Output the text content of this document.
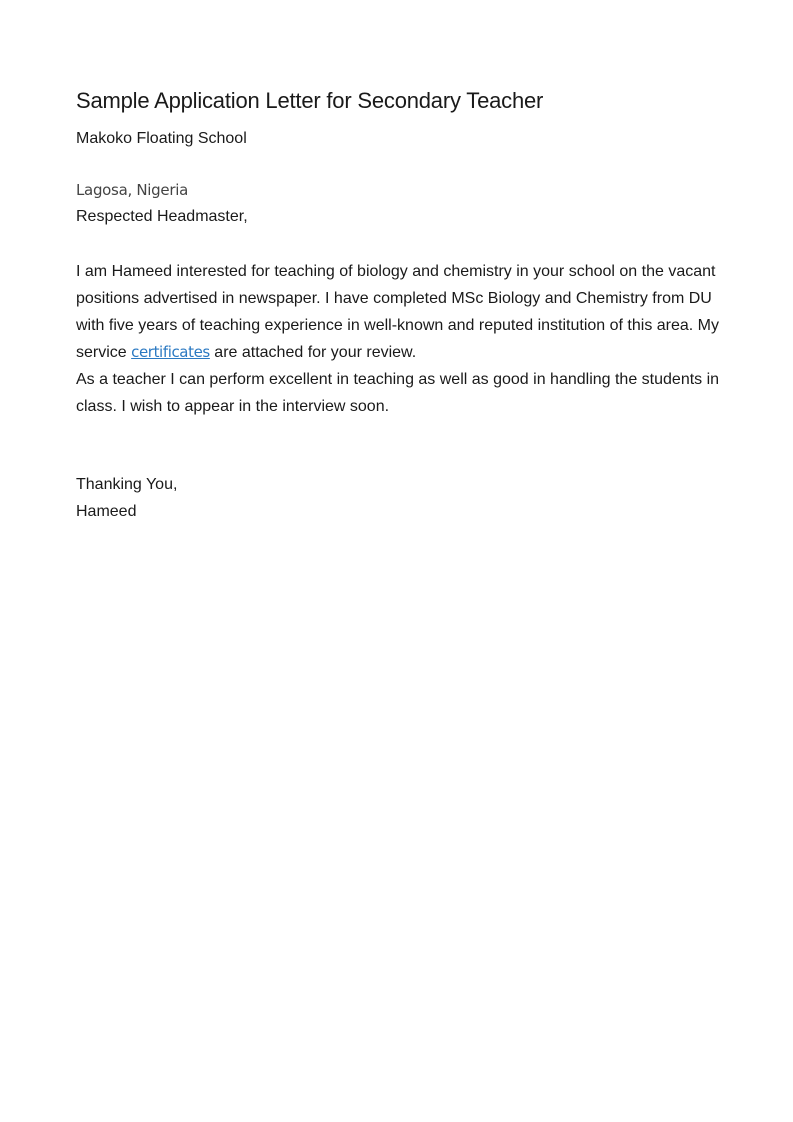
Sample Application Letter for Secondary Teacher
Makoko Floating School
Lagosa, Nigeria
Respected Headmaster,

I am Hameed interested for teaching of biology and chemistry in your school on the vacant positions advertised in newspaper. I have completed MSc Biology and Chemistry from DU with five years of teaching experience in well-known and reputed institution of this area. My service certificates are attached for your review.

As a teacher I can perform excellent in teaching as well as good in handling the students in class. I wish to appear in the interview soon.

Thanking You,
Hameed
